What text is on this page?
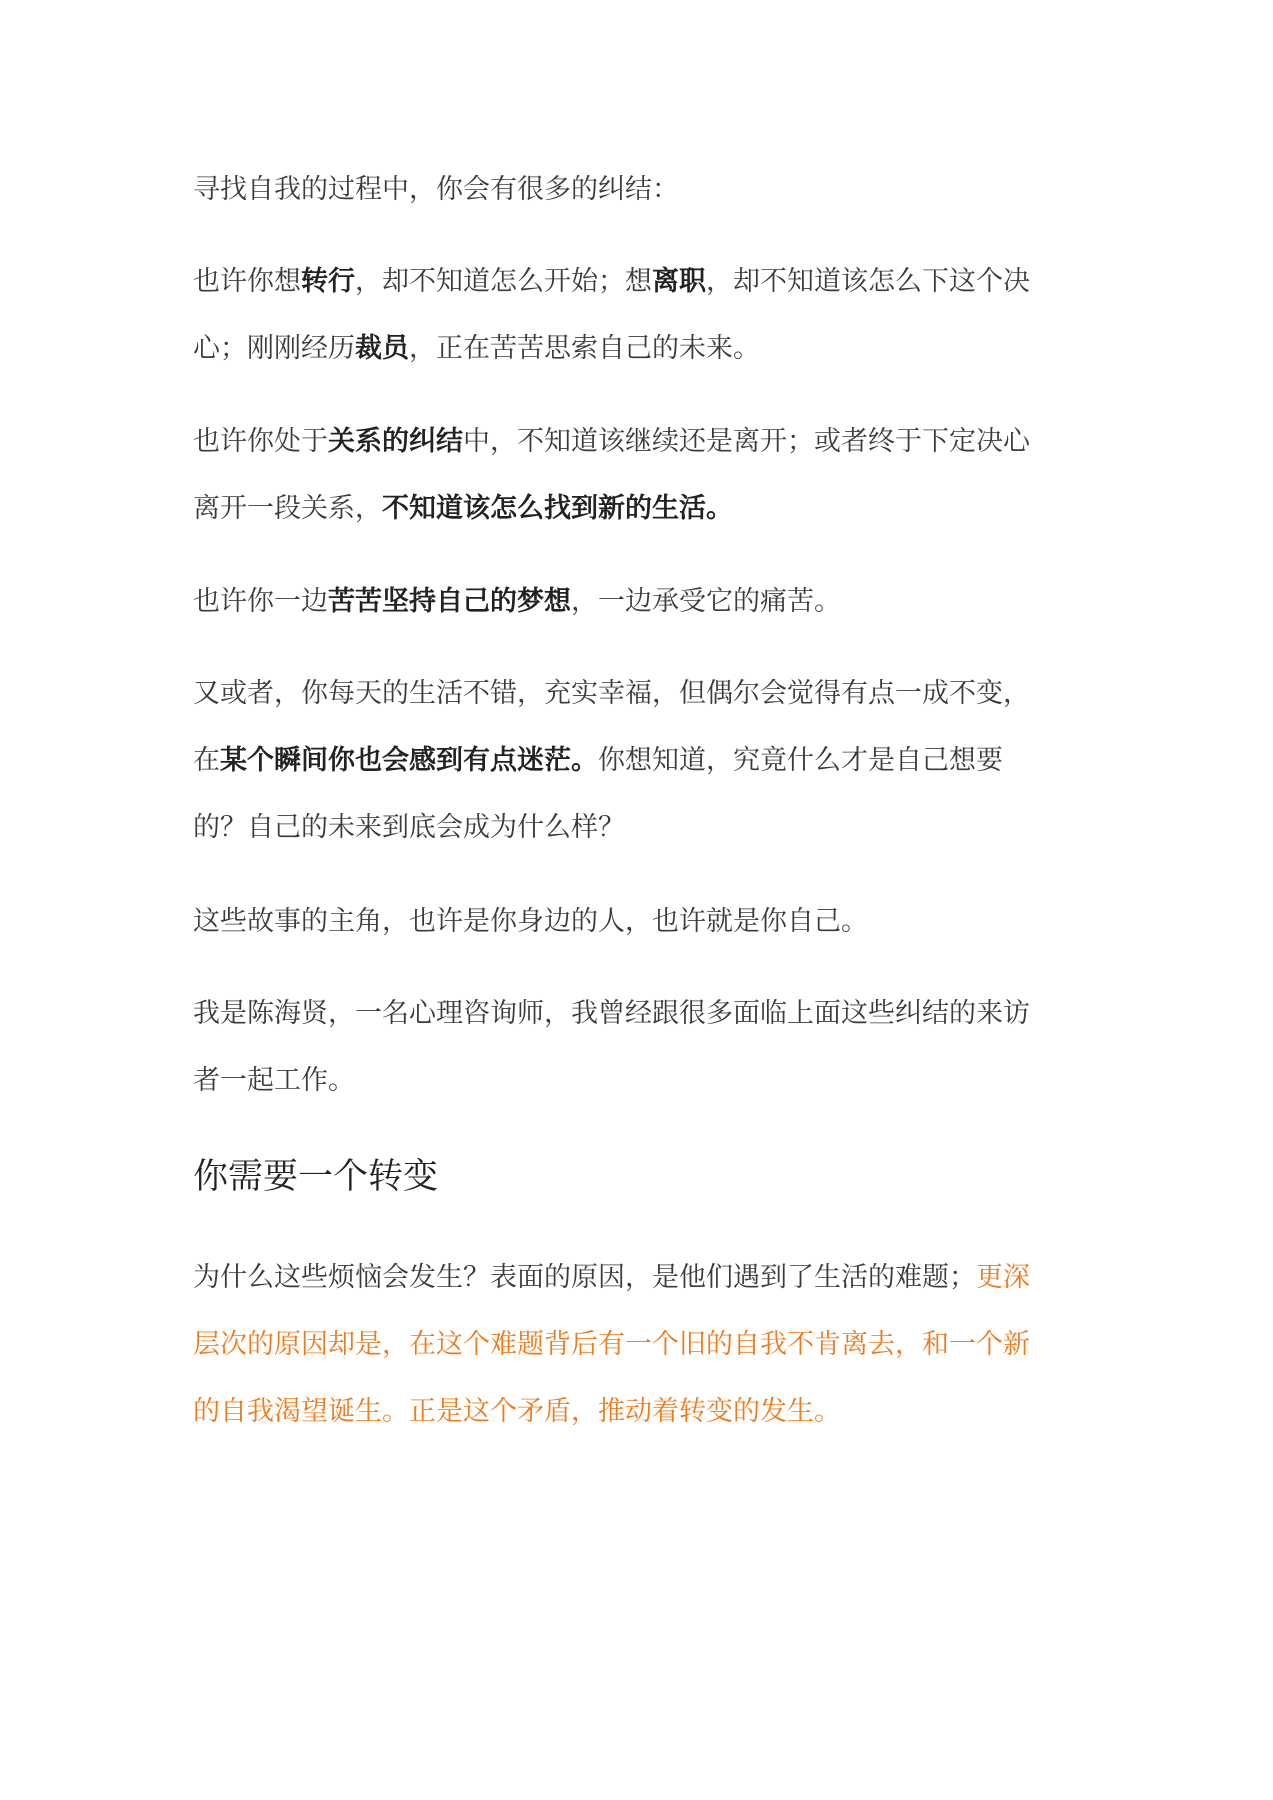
寻找自我的过程中，你会有很多的纠结：

也许你想转行，却不知道怎么开始；想离职，却不知道该怎么下这个决
心；刚刚经历裁员，正在苦苦思索自己的未来。

也许你处于关系的纠结中，不知道该继续还是离开；或者终于下定决心
离开一段关系，不知道该怎么找到新的生活。

也许你一边苦苦坚持自己的梦想，一边承受它的痛苦。

又或者，你每天的生活不错，充实幸福，但偶尔会觉得有点一成不变，
在某个瞬间你也会感到有点迷茫。你想知道，究竟什么才是自己想要
的？自己的未来到底会成为什么样？

这些故事的主角，也许是你身边的人，也许就是你自己。

我是陈海贤，一名心理咨询师，我曾经跟很多面临上面这些纠结的来访
者一起工作。

你需要一个转变

为什么这些烦恼会发生？表面的原因，是他们遇到了生活的难题；更深
层次的原因却是，在这个难题背后有一个旧的自我不肯离去，和一个新
的自我渴望诞生。正是这个矛盾，推动着转变的发生。
